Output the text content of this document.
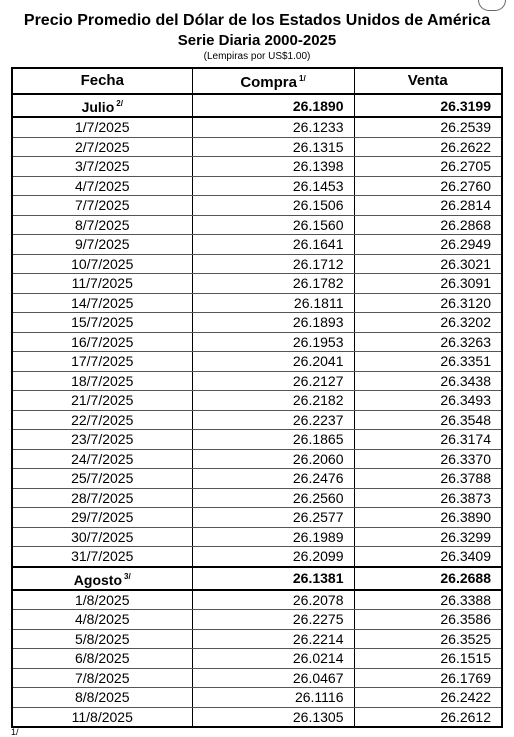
Precio Promedio del Dólar de los Estados Unidos de América
Serie Diaria 2000-2025
(Lempiras por US$1.00)
Fecha	Compra $^{1/}$	Venta
Julio $^{2/}$	26.1890	26.3199
1/7/2025	26.1233	26.2539
2/7/2025	26.1315	26.2622
3/7/2025	26.1398	26.2705
4/7/2025	26.1453	26.2760
7/7/2025	26.1506	26.2814
8/7/2025	26.1560	26.2868
9/7/2025	26.1641	26.2949
10/7/2025	26.1712	26.3021
11/7/2025	26.1782	26.3091
14/7/2025	26.1811	26.3120
15/7/2025	26.1893	26.3202
16/7/2025	26.1953	26.3263
17/7/2025	26.2041	26.3351
18/7/2025	26.2127	26.3438
21/7/2025	26.2182	26.3493
22/7/2025	26.2237	26.3548
23/7/2025	26.1865	26.3174
24/7/2025	26.2060	26.3370
25/7/2025	26.2476	26.3788
28/7/2025	26.2560	26.3873
29/7/2025	26.2577	26.3890
30/7/2025	26.1989	26.3299
31/7/2025	26.2099	26.3409
Agosto $^{3/}$	26.1381	26.2688
1/8/2025	26.2078	26.3388
4/8/2025	26.2275	26.3586
5/8/2025	26.2214	26.3525
6/8/2025	26.0214	26.1515
7/8/2025	26.0467	26.1769
8/8/2025	26.1116	26.2422
11/8/2025	26.1305	26.2612
1/
